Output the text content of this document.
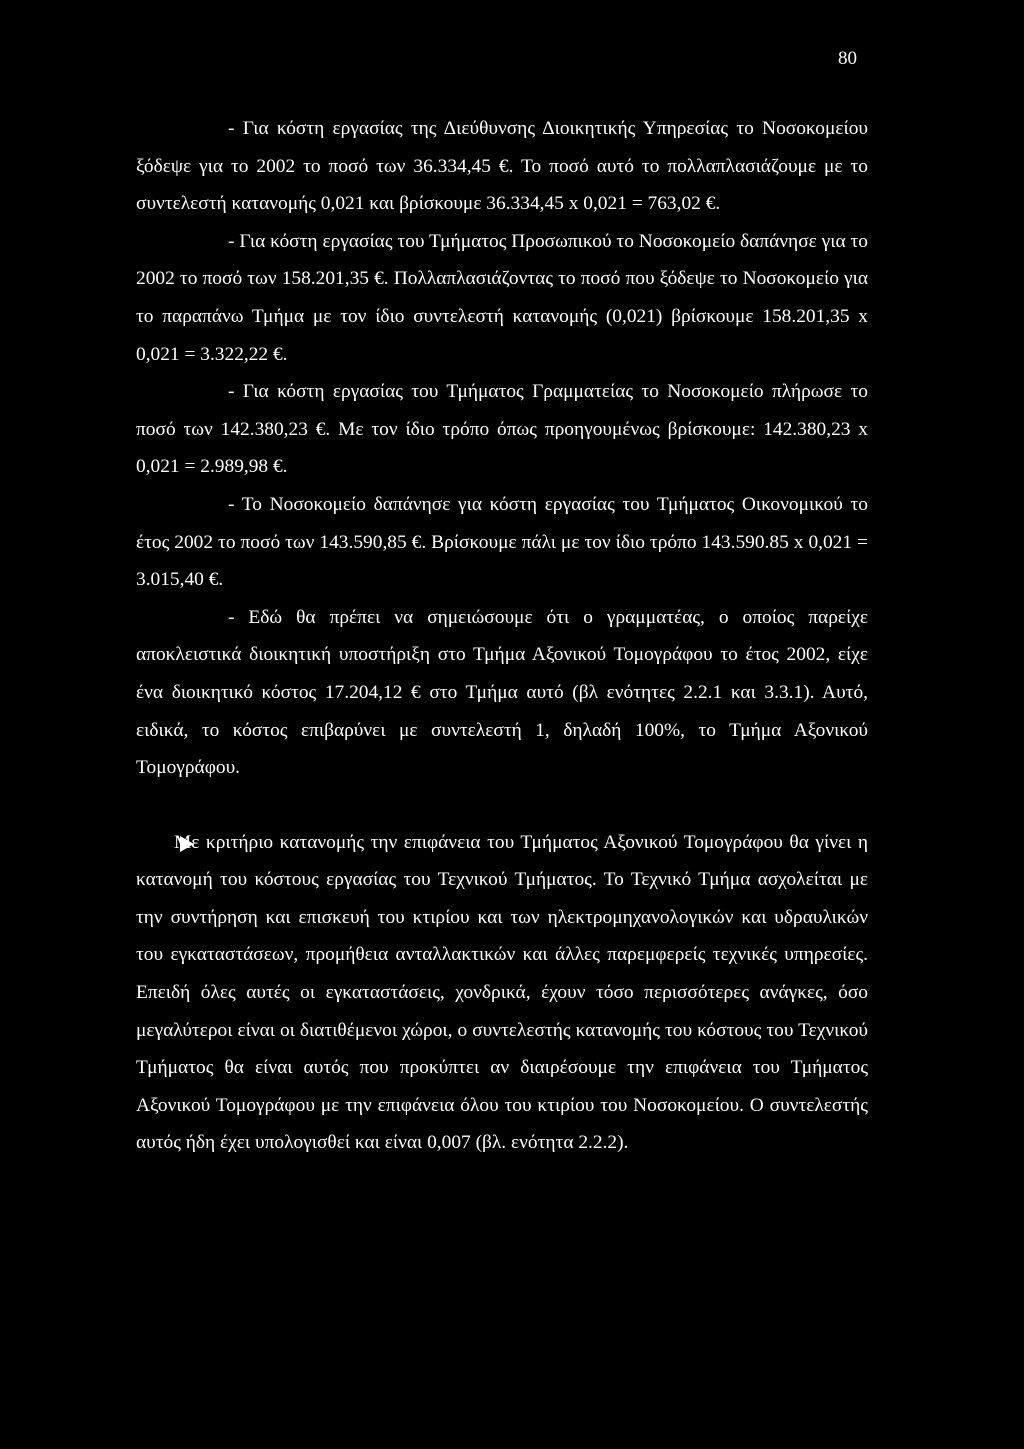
80

- Για κόστη εργασίας της Διεύθυνσης Διοικητικής Υπηρεσίας το Νοσοκομείου ξόδεψε για το 2002 το ποσό των 36.334,45 €. Το ποσό αυτό το πολλαπλασιάζουμε με το συντελεστή κατανομής 0,021 και βρίσκουμε 36.334,45 x 0,021 = 763,02 €.

- Για κόστη εργασίας του Τμήματος Προσωπικού το Νοσοκομείο δαπάνησε για το 2002 το ποσό των 158.201,35 €. Πολλαπλασιάζοντας το ποσό που ξόδεψε το Νοσοκομείο για το παραπάνω Τμήμα με τον ίδιο συντελεστή κατανομής (0,021) βρίσκουμε 158.201,35 x 0,021 = 3.322,22 €.

- Για κόστη εργασίας του Τμήματος Γραμματείας το Νοσοκομείο πλήρωσε το ποσό των 142.380,23 €. Με τον ίδιο τρόπο όπως προηγουμένως βρίσκουμε: 142.380,23 x 0,021 = 2.989,98 €.

- Το Νοσοκομείο δαπάνησε για κόστη εργασίας του Τμήματος Οικονομικού το έτος 2002 το ποσό των 143.590,85 €. Βρίσκουμε πάλι με τον ίδιο τρόπο 143.590.85 x 0,021 = 3.015,40 €.

- Εδώ θα πρέπει να σημειώσουμε ότι ο γραμματέας, ο οποίος παρείχε αποκλειστικά διοικητική υποστήριξη στο Τμήμα Αξονικού Τομογράφου το έτος 2002, είχε ένα διοικητικό κόστος 17.204,12 € στο Τμήμα αυτό (βλ ενότητες 2.2.1 και 3.3.1). Αυτό, ειδικά, το κόστος επιβαρύνει με συντελεστή 1, δηλαδή 100%, το Τμήμα Αξονικού Τομογράφου.

Με κριτήριο κατανομής την επιφάνεια του Τμήματος Αξονικού Τομογράφου θα γίνει η κατανομή του κόστους εργασίας του Τεχνικού Τμήματος. Το Τεχνικό Τμήμα ασχολείται με την συντήρηση και επισκευή του κτιρίου και των ηλεκτρομηχανολογικών και υδραυλικών του εγκαταστάσεων, προμήθεια ανταλλακτικών και άλλες παρεμφερείς τεχνικές υπηρεσίες. Επειδή όλες αυτές οι εγκαταστάσεις, χονδρικά, έχουν τόσο περισσότερες ανάγκες, όσο μεγαλύτεροι είναι οι διατιθέμενοι χώροι, ο συντελεστής κατανομής του κόστους του Τεχνικού Τμήματος θα είναι αυτός που προκύπτει αν διαιρέσουμε την επιφάνεια του Τμήματος Αξονικού Τομογράφου με την επιφάνεια όλου του κτιρίου του Νοσοκομείου. Ο συντελεστής αυτός ήδη έχει υπολογισθεί και είναι 0,007 (βλ. ενότητα 2.2.2).
